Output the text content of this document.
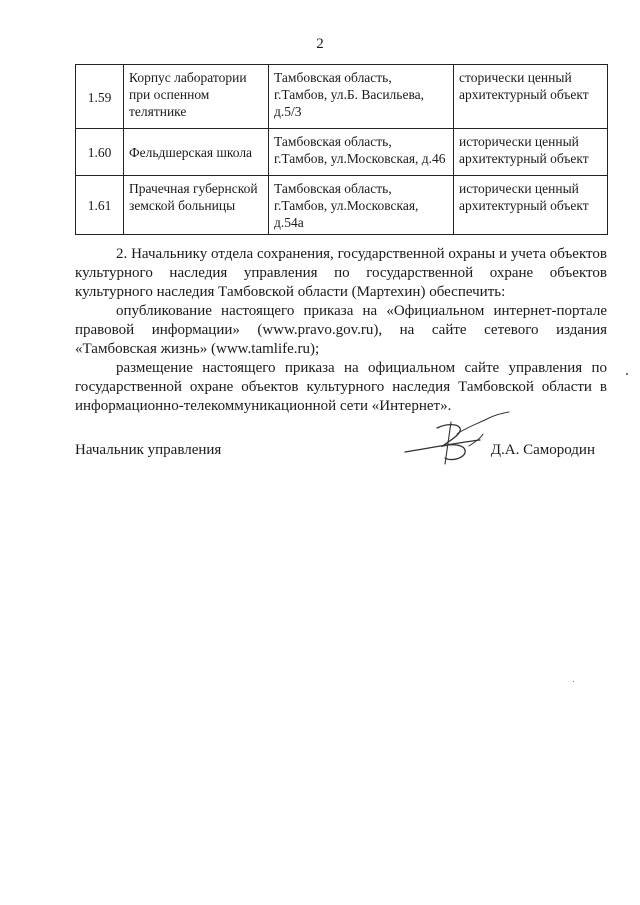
2
1.59	Корпус лаборатории при оспенном телятнике	Тамбовская область, г.Тамбов, ул.Б. Васильева, д.5/3	сторически ценный архитектурный объект
1.60	Фельдшерская школа	Тамбовская область, г.Тамбов, ул.Московская, д.46	исторически ценный архитектурный объект
1.61	Прачечная губернской земской больницы	Тамбовская область, г.Тамбов, ул.Московская, д.54а	исторически ценный архитектурный объект

2. Начальнику отдела сохранения, государственной охраны и учета объектов культурного наследия управления по государственной охране объектов культурного наследия Тамбовской области (Мартехин) обеспечить:

опубликование настоящего приказа на «Официальном интернет-портале правовой информации» (www.pravo.gov.ru), на сайте сетевого издания «Тамбовская жизнь» (www.tamlife.ru);

размещение настоящего приказа на официальном сайте управления по государственной охране объектов культурного наследия Тамбовской области в информационно-телекоммуникационной сети «Интернет».

Начальник управления	Д.А. Самородин
